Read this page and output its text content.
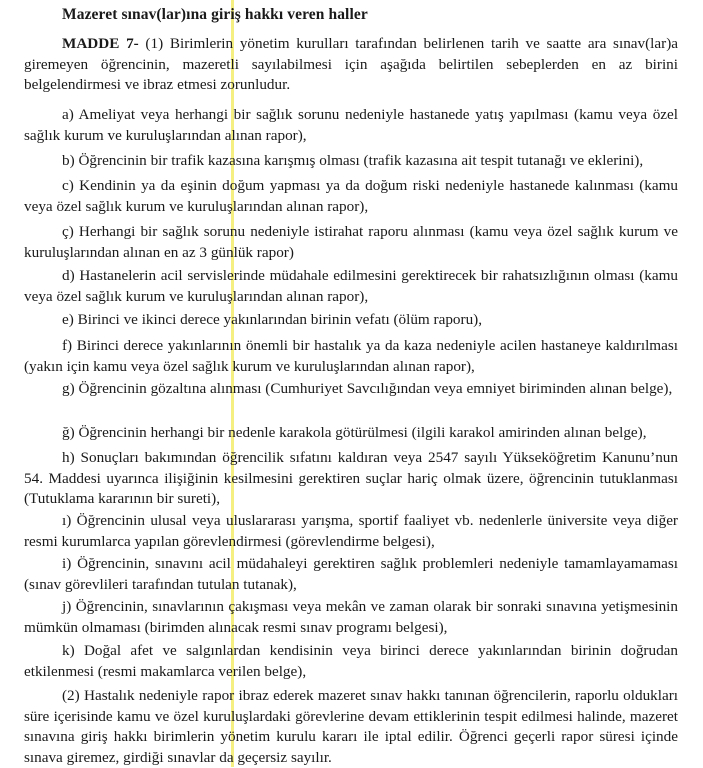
Mazeret sınav(lar)ına giriş hakkı veren haller
MADDE 7- (1) Birimlerin yönetim kurulları tarafından belirlenen tarih ve saatte ara sınav(lar)a giremeyen öğrencinin, mazeretli sayılabilmesi için aşağıda belirtilen sebeplerden en az birini belgelendirmesi ve ibraz etmesi zorunludur.
a) Ameliyat veya herhangi bir sağlık sorunu nedeniyle hastanede yatış yapılması (kamu veya özel sağlık kurum ve kuruluşlarından alınan rapor),
b) Öğrencinin bir trafik kazasına karışmış olması (trafik kazasına ait tespit tutanağı ve eklerini),
c) Kendinin ya da eşinin doğum yapması ya da doğum riski nedeniyle hastanede kalınması (kamu veya özel sağlık kurum ve kuruluşlarından alınan rapor),
ç) Herhangi bir sağlık sorunu nedeniyle istirahat raporu alınması (kamu veya özel sağlık kurum ve kuruluşlarından alınan en az 3 günlük rapor)
d) Hastanelerin acil servislerinde müdahale edilmesini gerektirecek bir rahatsızlığının olması (kamu veya özel sağlık kurum ve kuruluşlarından alınan rapor),
e) Birinci ve ikinci derece yakınlarından birinin vefatı (ölüm raporu),
f) Birinci derece yakınlarının önemli bir hastalık ya da kaza nedeniyle acilen hastaneye kaldırılması (yakın için kamu veya özel sağlık kurum ve kuruluşlarından alınan rapor),
g) Öğrencinin gözaltına alınması (Cumhuriyet Savcılığından veya emniyet biriminden alınan belge),
ğ) Öğrencinin herhangi bir nedenle karakola götürülmesi (ilgili karakol amirinden alınan belge),
h) Sonuçları bakımından öğrencilik sıfatını kaldıran veya 2547 sayılı Yükseköğretim Kanunu’nun 54. Maddesi uyarınca ilişiğinin kesilmesini gerektiren suçlar hariç olmak üzere, öğrencinin tutuklanması (Tutuklama kararının bir sureti),
ı) Öğrencinin ulusal veya uluslararası yarışma, sportif faaliyet vb. nedenlerle üniversite veya diğer resmi kurumlarca yapılan görevlendirmesi (görevlendirme belgesi),
i) Öğrencinin, sınavını acil müdahaleyi gerektiren sağlık problemleri nedeniyle tamamlayamaması (sınav görevlileri tarafından tutulan tutanak),
j) Öğrencinin, sınavlarının çakışması veya mekân ve zaman olarak bir sonraki sınavına yetişmesinin mümkün olmaması (birimden alınacak resmi sınav programı belgesi),
k) Doğal afet ve salgınlardan kendisinin veya birinci derece yakınlarından birinin doğrudan etkilenmesi (resmi makamlarca verilen belge),
(2) Hastalık nedeniyle rapor ibraz ederek mazeret sınav hakkı tanınan öğrencilerin, raporlu oldukları süre içerisinde kamu ve özel kuruluşlardaki görevlerine devam ettiklerinin tespit edilmesi halinde, mazeret sınavına giriş hakkı birimlerin yönetim kurulu kararı ile iptal edilir. Öğrenci geçerli rapor süresi içinde sınava giremez, girdiği sınavlar da geçersiz sayılır.
